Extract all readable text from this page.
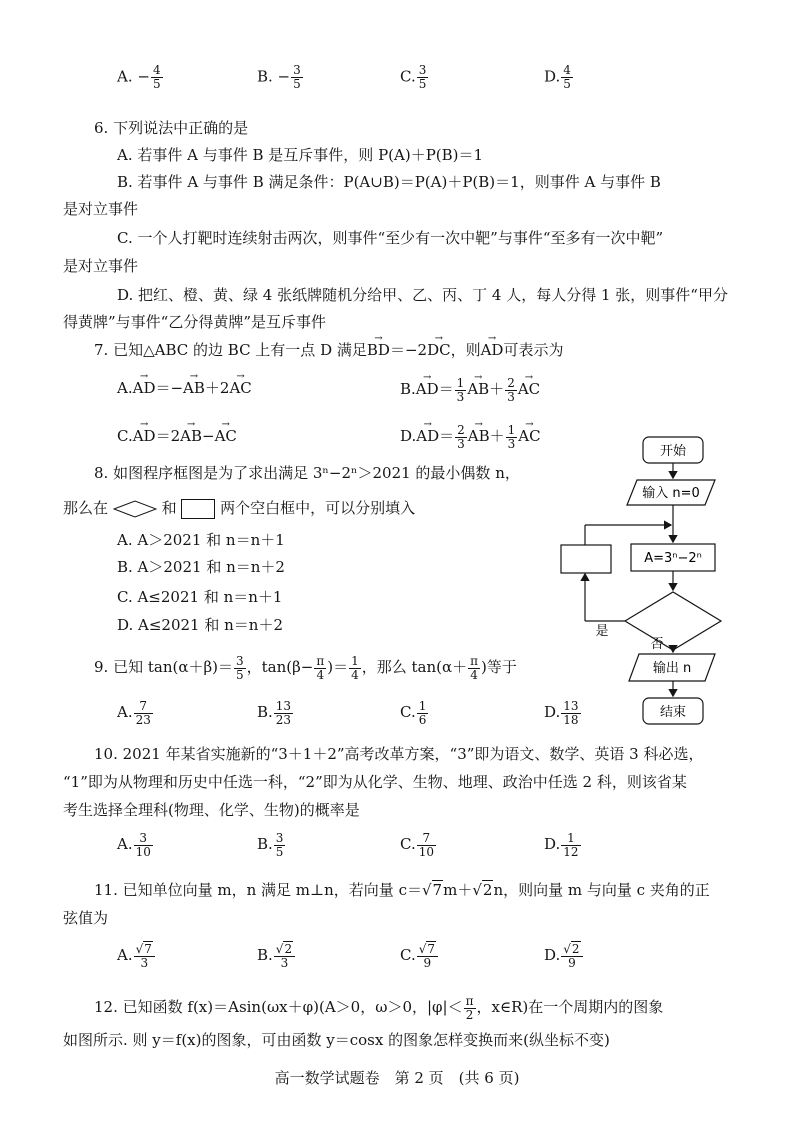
A. − $\frac{4}{5}$	B. − $\frac{3}{5}$	C. $\frac{3}{5}$	D. $\frac{4}{5}$
6. 下列说法中正确的是
A. 若事件 A 与事件 B 是互斥事件，则 P(A)＋P(B)＝1
B. 若事件 A 与事件 B 满足条件：P(A∪B)＝P(A)＋P(B)＝1，则事件 A 与事件 B
是对立事件
C. 一个人打靶时连续射击两次，则事件“至少有一次中靶”与事件“至多有一次中靶”
是对立事件
D. 把红、橙、黄、绿 4 张纸牌随机分给甲、乙、丙、丁 4 人，每人分得 1 张，则事件“甲分
得黄牌”与事件“乙分得黄牌”是互斥事件
7. 已知△ABC 的边 BC 上有一点 D 满足→ BD＝−2→ DC，则→ AD可表示为
A.→ AD＝−→ AB＋2→ AC	$B.\to AD= \frac{1}{3}$
→ $AB+ \frac{2}{3}$
→ AC
C.→ AD＝2→ AB−→ AC	$D.\to AD= \frac{2}{3}$
→ $AB+ \frac{1}{3}$
→ AC
8. 如图程序框图是为了求出满足 3ⁿ−2ⁿ＞2021 的最小偶数 n，
那么在	和	两个空白框中，可以分别填入
A. A＞2021 和 n＝n＋1
B. A＞2021 和 n＝n＋2
C. A≤2021 和 n＝n＋1
D. A≤2021 和 n＝n＋2
开始
输入 n=0
A=3ⁿ−2ⁿ
是
否
输出 n
结束
9. 已知 $\tan(\alpha+\beta)= \frac{3}{5}$ ，$\tan(\beta- \frac{\pi}{4}$ )＝ $\frac{1}{4}$ ，那么 $\tan(\alpha+ \frac{\pi}{4}$ )等于
A. $\frac{7}{23}$	B. $\frac{13}{23}$	C. $\frac{1}{6}$	D. $\frac{13}{18}$
10. 2021 年某省实施新的“3＋1＋2”高考改革方案，“3”即为语文、数学、英语 3 科必选，
“1”即为从物理和历史中任选一科，“2”即为从化学、生物、地理、政治中任选 2 科，则该省某
考生选择全理科(物理、化学、生物)的概率是
A. $\frac{3}{10}$	B. $\frac{3}{5}$	C. $\frac{7}{10}$	D. $\frac{1}{12}$
11. 已知单位向量 m，n 满足 m⊥n，若向量 c＝√7m＋√2n，则向量 m 与向量 c 夹角的正
弦值为
A. $\frac{√7}{3}$	B. $\frac{√2}{3}$	C. $\frac{√7}{9}$	D. $\frac{√2}{9}$
12. 已知函数 f(x)＝Asin(ωx＋φ)(A＞0，ω＞0，$|\varphi|< \frac{\pi}{2}$ ，x∈R)在一个周期内的图象
如图所示. 则 y＝f(x)的图象，可由函数 y＝cosx 的图象怎样变换而来(纵坐标不变)
高一数学试题卷　第 2 页　(共 6 页)
